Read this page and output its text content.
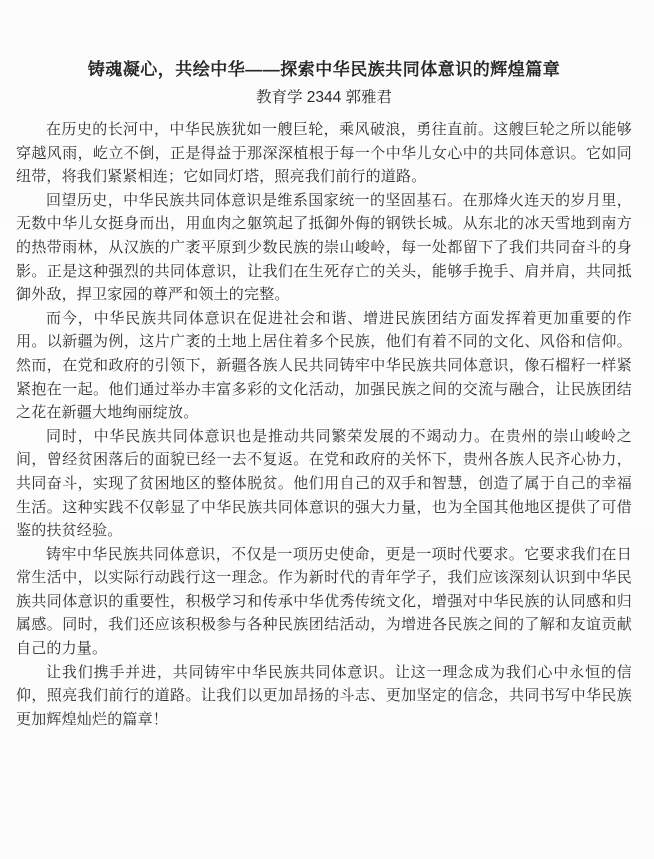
铸魂凝心，共绘中华——探索中华民族共同体意识的辉煌篇章
教育学 2344 郭雅君

在历史的长河中，中华民族犹如一艘巨轮，乘风破浪，勇往直前。这艘巨轮之所以能够穿越风雨，屹立不倒，正是得益于那深深植根于每一个中华儿女心中的共同体意识。它如同纽带，将我们紧紧相连；它如同灯塔，照亮我们前行的道路。

回望历史，中华民族共同体意识是维系国家统一的坚固基石。在那烽火连天的岁月里，无数中华儿女挺身而出，用血肉之躯筑起了抵御外侮的钢铁长城。从东北的冰天雪地到南方的热带雨林，从汉族的广袤平原到少数民族的崇山峻岭，每一处都留下了我们共同奋斗的身影。正是这种强烈的共同体意识，让我们在生死存亡的关头，能够手挽手、肩并肩，共同抵御外敌，捍卫家园的尊严和领土的完整。

而今，中华民族共同体意识在促进社会和谐、增进民族团结方面发挥着更加重要的作用。以新疆为例，这片广袤的土地上居住着多个民族，他们有着不同的文化、风俗和信仰。然而，在党和政府的引领下，新疆各族人民共同铸牢中华民族共同体意识，像石榴籽一样紧紧抱在一起。他们通过举办丰富多彩的文化活动，加强民族之间的交流与融合，让民族团结之花在新疆大地绚丽绽放。

同时，中华民族共同体意识也是推动共同繁荣发展的不竭动力。在贵州的崇山峻岭之间，曾经贫困落后的面貌已经一去不复返。在党和政府的关怀下，贵州各族人民齐心协力，共同奋斗，实现了贫困地区的整体脱贫。他们用自己的双手和智慧，创造了属于自己的幸福生活。这种实践不仅彰显了中华民族共同体意识的强大力量，也为全国其他地区提供了可借鉴的扶贫经验。

铸牢中华民族共同体意识，不仅是一项历史使命，更是一项时代要求。它要求我们在日常生活中，以实际行动践行这一理念。作为新时代的青年学子，我们应该深刻认识到中华民族共同体意识的重要性，积极学习和传承中华优秀传统文化，增强对中华民族的认同感和归属感。同时，我们还应该积极参与各种民族团结活动，为增进各民族之间的了解和友谊贡献自己的力量。

让我们携手并进，共同铸牢中华民族共同体意识。让这一理念成为我们心中永恒的信仰，照亮我们前行的道路。让我们以更加昂扬的斗志、更加坚定的信念，共同书写中华民族更加辉煌灿烂的篇章！
